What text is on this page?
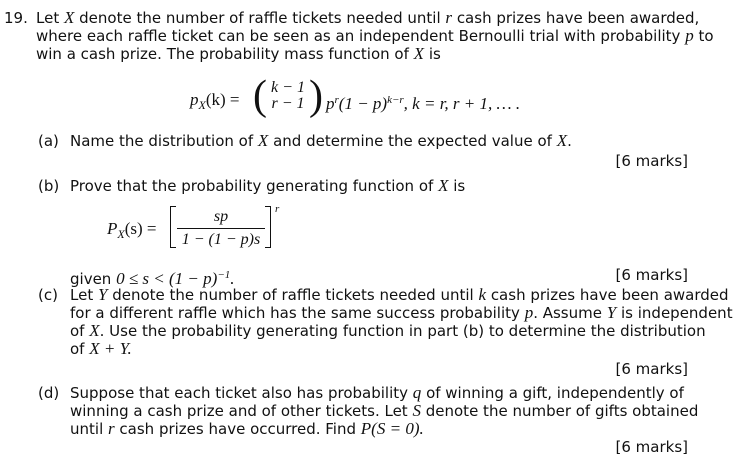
19. Let X denote the number of raffle tickets needed until r cash prizes have been awarded,
where each raffle ticket can be seen as an independent Bernoulli trial with probability p to
win a cash prize. The probability mass function of X is
$p_X(k)$ = ( k − 1
r − 1 ) $p^r(1 - p)^{k-r}$, k = r, r + 1, … .
(a) Name the distribution of X and determine the expected value of X.
[6 marks]
(b) Prove that the probability generating function of X is
$P_X(s) = \frac{sp}{1 - (1 - p)s}$ r
given $0 \le s < (1 - p)^{-1}$.	[6 marks]
(c) Let Y denote the number of raffle tickets needed until k cash prizes have been awarded
for a different raffle which has the same success probability p. Assume Y is independent
of X. Use the probability generating function in part (b) to determine the distribution
of X + Y.
[6 marks]
(d) Suppose that each ticket also has probability q of winning a gift, independently of
winning a cash prize and of other tickets. Let S denote the number of gifts obtained
until r cash prizes have occurred. Find P(S = 0).
[6 marks]
